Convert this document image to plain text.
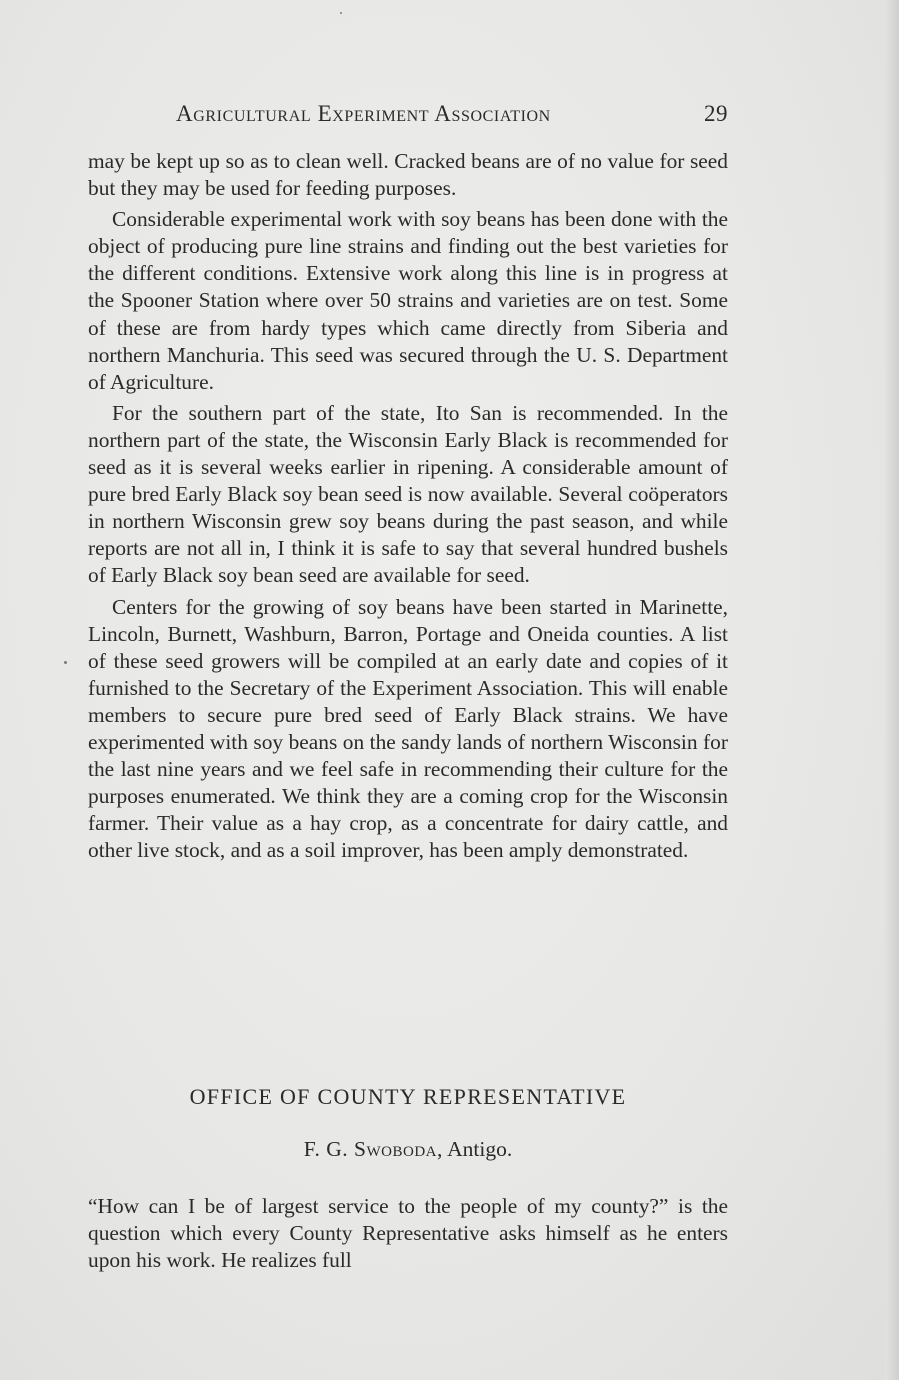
Agricultural Experiment Association	29

may be kept up so as to clean well. Cracked beans are of no value for seed but they may be used for feeding purposes.

Considerable experimental work with soy beans has been done with the object of producing pure line strains and finding out the best varieties for the different conditions. Extensive work along this line is in progress at the Spooner Station where over 50 strains and varieties are on test. Some of these are from hardy types which came directly from Siberia and northern Manchuria. This seed was secured through the U. S. Department of Agriculture.

For the southern part of the state, Ito San is recommended. In the northern part of the state, the Wisconsin Early Black is recommended for seed as it is several weeks earlier in ripening. A considerable amount of pure bred Early Black soy bean seed is now available. Several coöperators in northern Wisconsin grew soy beans during the past season, and while reports are not all in, I think it is safe to say that several hundred bushels of Early Black soy bean seed are available for seed.

Centers for the growing of soy beans have been started in Marinette, Lincoln, Burnett, Washburn, Barron, Portage and Oneida counties. A list of these seed growers will be compiled at an early date and copies of it furnished to the Secretary of the Experiment Association. This will enable members to secure pure bred seed of Early Black strains. We have experimented with soy beans on the sandy lands of northern Wisconsin for the last nine years and we feel safe in recommending their culture for the purposes enumerated. We think they are a coming crop for the Wisconsin farmer. Their value as a hay crop, as a concentrate for dairy cattle, and other live stock, and as a soil improver, has been amply demonstrated.

OFFICE OF COUNTY REPRESENTATIVE
F. G. Swoboda, Antigo.

“How can I be of largest service to the people of my county?” is the question which every County Representative asks himself as he enters upon his work. He realizes full
